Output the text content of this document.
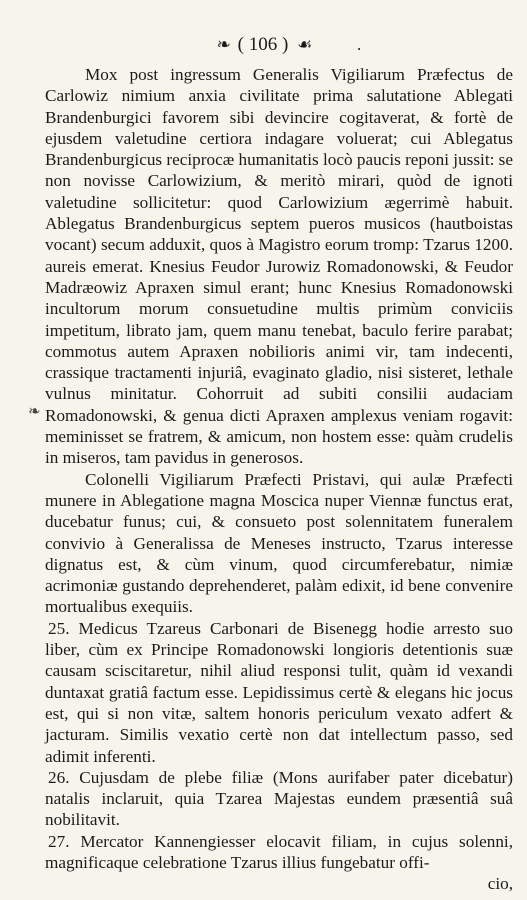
❧ ( 106 ) ☙	.
❧

Mox post ingressum Generalis Vigiliarum Præfectus de Carlowiz nimium anxia civilitate prima salutatione Ablegati Brandenburgici favorem sibi devincire cogitaverat, & fortè de ejusdem valetudine certiora indagare voluerat; cui Ablegatus Brandenburgicus reciprocæ humanitatis locò paucis reponi jussit: se non novisse Carlowizium, & meritò mirari, quòd de ignoti valetudine sollicitetur: quod Carlowizium ægerrimè habuit. Ablegatus Brandenburgicus septem pueros musicos (hautboistas vocant) secum adduxit, quos à Magistro eorum tromp: Tzarus 1200. aureis emerat. Knesius Feudor Jurowiz Romadonowski, & Feudor Madræowiz Apraxen simul erant; hunc Knesius Romadonowski incultorum morum consuetudine multis primùm conviciis impetitum, librato jam, quem manu tenebat, baculo ferire parabat; commotus autem Apraxen nobilioris animi vir, tam indecenti, crassique tractamenti injuriâ, evaginato gladio, nisi sisteret, lethale vulnus minitatur. Cohorruit ad subiti consilii audaciam Romadonowski, & genua dicti Apraxen amplexus veniam rogavit: meminisset se fratrem, & amicum, non hostem esse: quàm crudelis in miseros, tam pavidus in generosos.

Colonelli Vigiliarum Præfecti Pristavi, qui aulæ Præfecti munere in Ablegatione magna Moscica nuper Viennæ functus erat, ducebatur funus; cui, & consueto post solennitatem funeralem convivio à Generalissa de Meneses instructo, Tzarus interesse dignatus est, & cùm vinum, quod circumferebatur, nimiæ acrimoniæ gustando deprehenderet, palàm edixit, id bene convenire mortualibus exequiis.

25. Medicus Tzareus Carbonari de Bisenegg hodie arresto suo liber, cùm ex Principe Romadonowski longioris detentionis suæ causam sciscitaretur, nihil aliud responsi tulit, quàm id vexandi duntaxat gratiâ factum esse. Lepidissimus certè & elegans hic jocus est, qui si non vitæ, saltem honoris periculum vexato adfert & jacturam. Similis vexatio certè non dat intellectum passo, sed adimit inferenti.

26. Cujusdam de plebe filiæ (Mons aurifaber pater dicebatur) natalis inclaruit, quia Tzarea Majestas eundem præsentiâ suâ nobilitavit.

27. Mercator Kannengiesser elocavit filiam, in cujus solenni, magnificaque celebratione Tzarus illius fungebatur offi-

cio,
